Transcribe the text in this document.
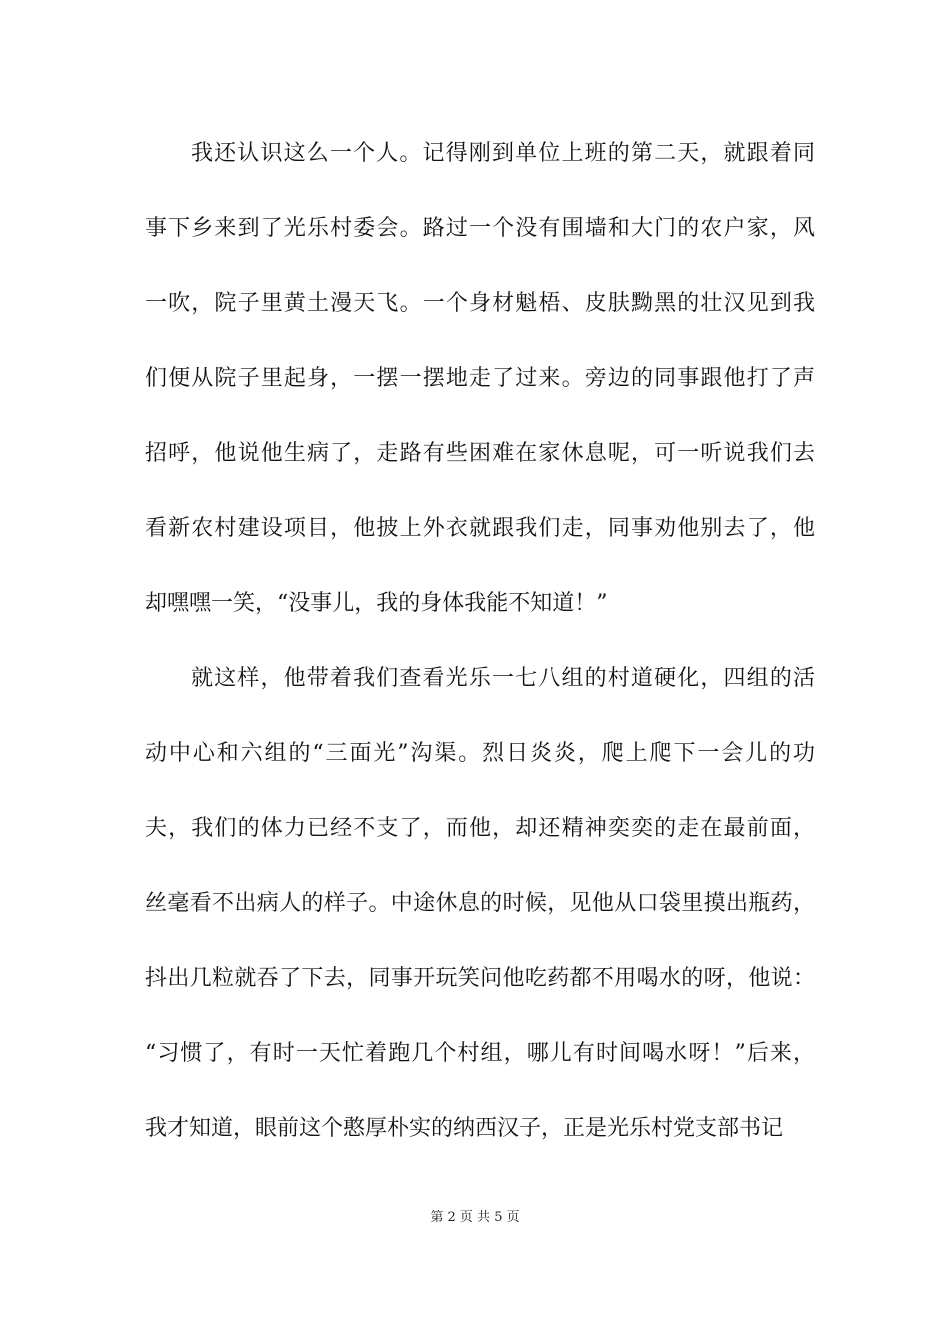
我还认识这么一个人。记得刚到单位上班的第二天，就跟着同
事下乡来到了光乐村委会。路过一个没有围墙和大门的农户家，风
一吹，院子里黄土漫天飞。一个身材魁梧、皮肤黝黑的壮汉见到我
们便从院子里起身，一摆一摆地走了过来。旁边的同事跟他打了声
招呼，他说他生病了，走路有些困难在家休息呢，可一听说我们去
看新农村建设项目，他披上外衣就跟我们走，同事劝他别去了，他
却嘿嘿一笑，“没事儿，我的身体我能不知道！”
就这样，他带着我们查看光乐一七八组的村道硬化，四组的活
动中心和六组的“三面光”沟渠。烈日炎炎，爬上爬下一会儿的功
夫，我们的体力已经不支了，而他，却还精神奕奕的走在最前面，
丝毫看不出病人的样子。中途休息的时候，见他从口袋里摸出瓶药，
抖出几粒就吞了下去，同事开玩笑问他吃药都不用喝水的呀，他说：
“习惯了，有时一天忙着跑几个村组，哪儿有时间喝水呀！”后来，
我才知道，眼前这个憨厚朴实的纳西汉子，正是光乐村党支部书记
第 2 页 共 5 页
